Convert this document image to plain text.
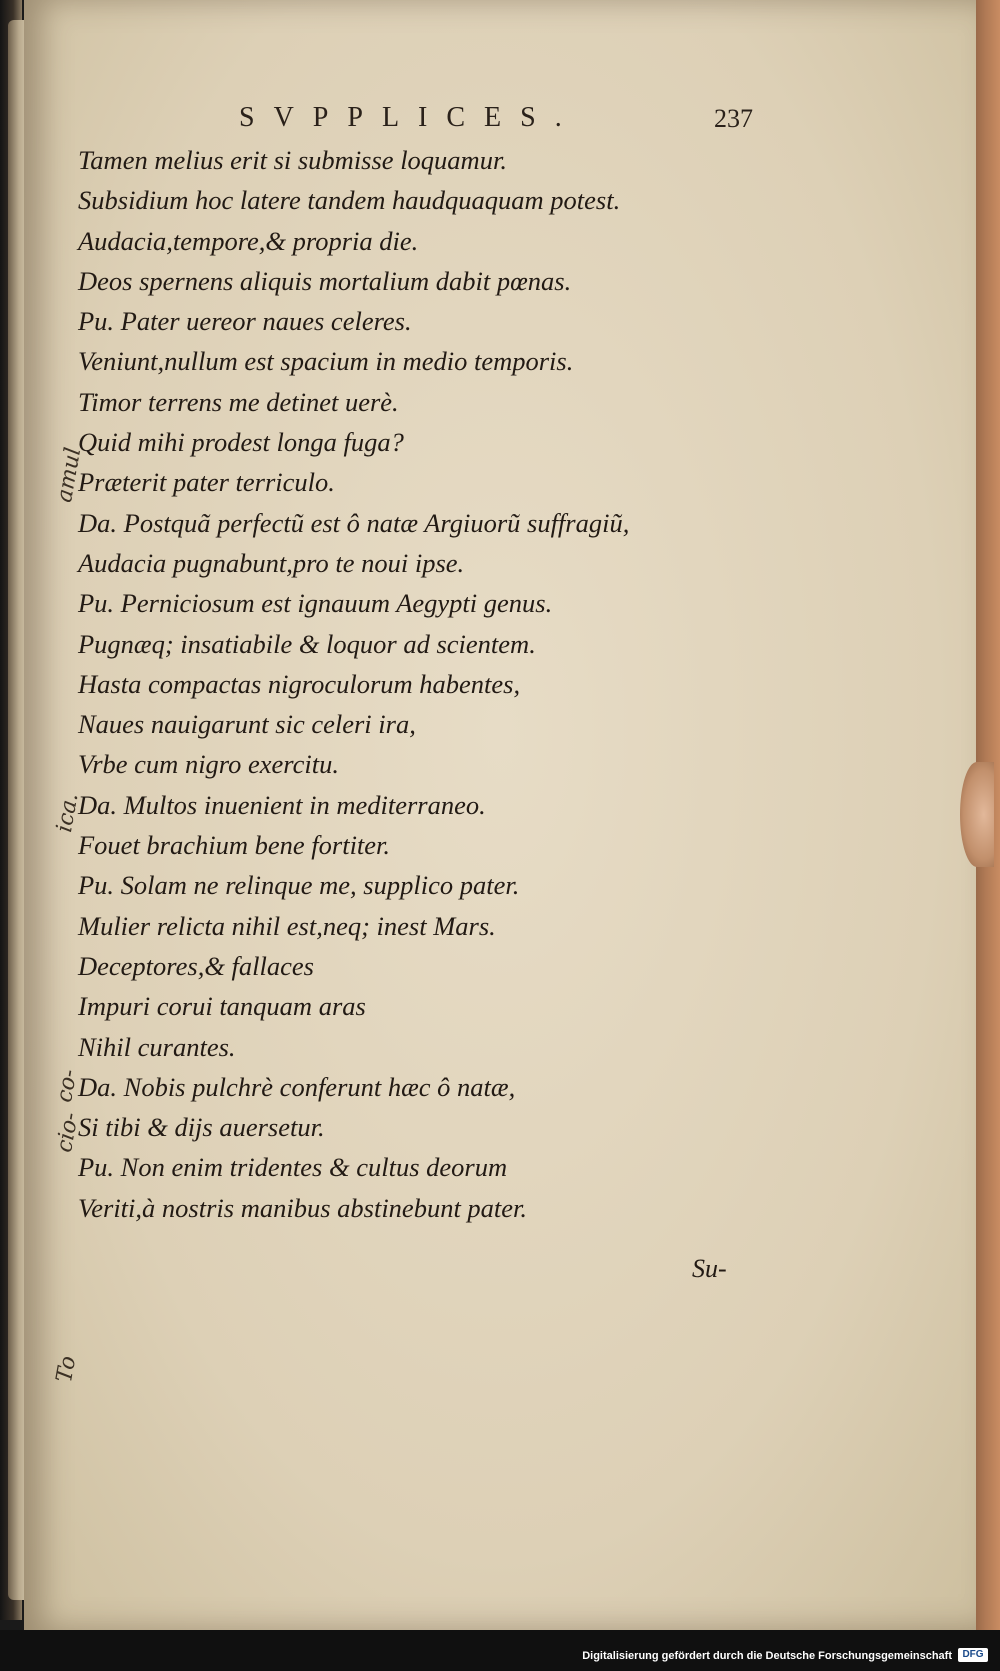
amul
ica.
co-
cio-
To
SVPPLICES.	237
Tamen melius erit si submisse loquamur.
Subsidium hoc latere tandem haudquaquam potest.
Audacia,tempore,& propria die.
Deos spernens aliquis mortalium dabit pœnas.
Pu. Pater uereor naues celeres.
Veniunt,nullum est spacium in medio temporis.
Timor terrens me detinet uerè.
Quid mihi prodest longa fuga?
Præterit pater terriculo.
Da. Postquã perfectũ est ô natæ Argiuorũ suffragiũ,
Audacia pugnabunt,pro te noui ipse.
Pu. Perniciosum est ignauum Aegypti genus.
Pugnæq; insatiabile & loquor ad scientem.
Hasta compactas nigroculorum habentes,
Naues nauigarunt sic celeri ira,
Vrbe cum nigro exercitu.
Da. Multos inuenient in mediterraneo.
Fouet brachium bene fortiter.
Pu. Solam ne relinque me, supplico pater.
Mulier relicta nihil est,neq; inest Mars.
Deceptores,& fallaces
Impuri corui tanquam aras
Nihil curantes.
Da. Nobis pulchrè conferunt hæc ô natæ,
Si tibi & dijs auersetur.
Pu. Non enim tridentes & cultus deorum
Veriti,à nostris manibus abstinebunt pater.
Su-
Digitalisierung gefördert durch die Deutsche Forschungsgemeinschaft	DFG
